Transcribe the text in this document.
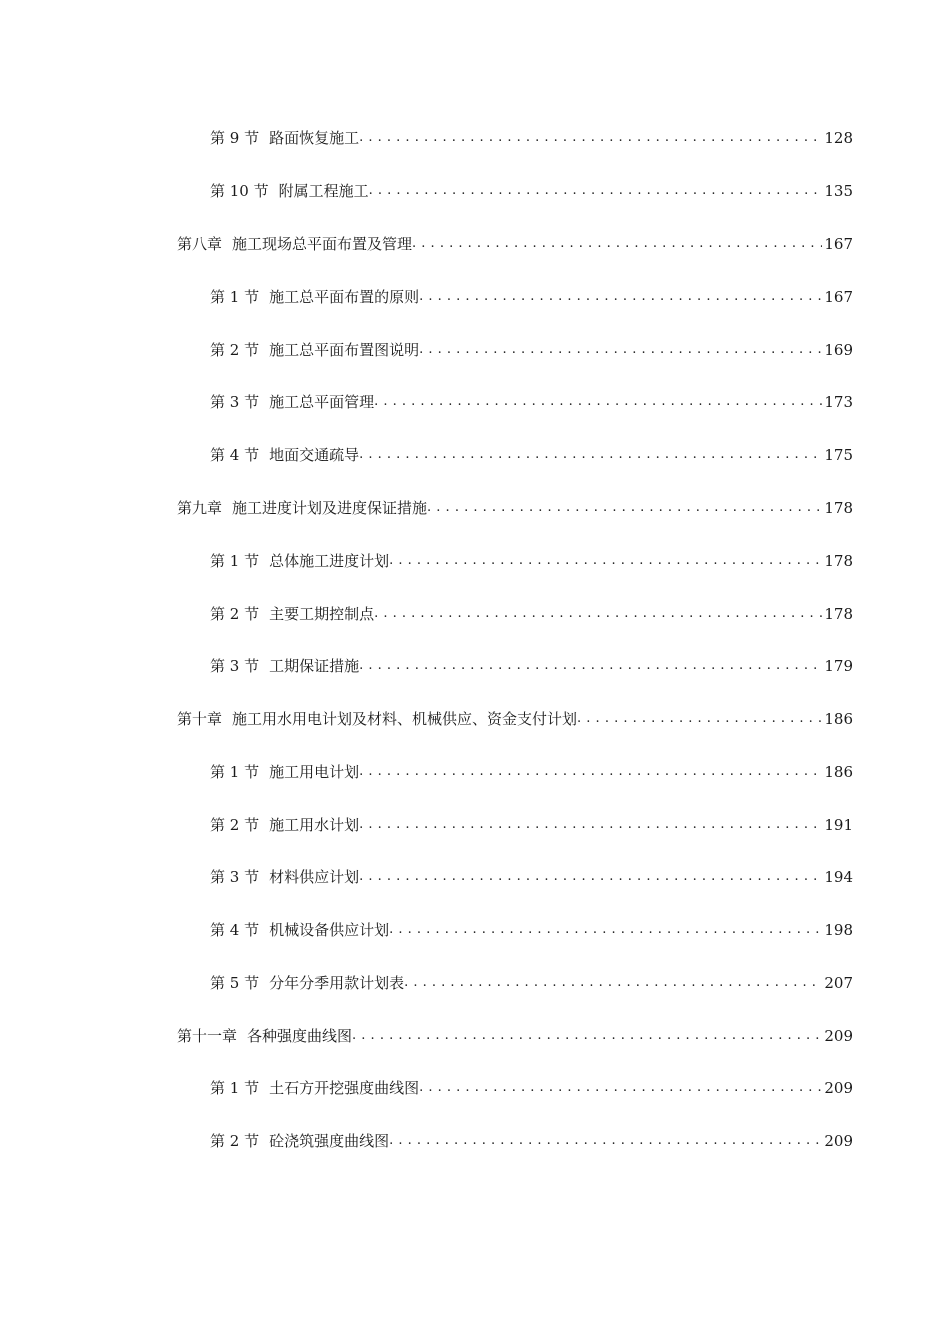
第 9 节 路面恢复施工 . . .	128
第 10 节 附属工程施工 . . .	135
第八章 施工现场总平面布置及管理 . . .	167
第 1 节 施工总平面布置的原则 . . .	167
第 2 节 施工总平面布置图说明 . . .	169
第 3 节 施工总平面管理 . . .	173
第 4 节 地面交通疏导 . . .	175
第九章 施工进度计划及进度保证措施 . . .	178
第 1 节 总体施工进度计划 . . .	178
第 2 节 主要工期控制点 . . .	178
第 3 节 工期保证措施 . . .	179
第十章 施工用水用电计划及材料、机械供应、资金支付计划 . . .	186
第 1 节 施工用电计划 . . .	186
第 2 节 施工用水计划 . . .	191
第 3 节 材料供应计划 . . .	194
第 4 节 机械设备供应计划 . . .	198
第 5 节 分年分季用款计划表 . . .	207
第十一章 各种强度曲线图 . . .	209
第 1 节 土石方开挖强度曲线图 . . .	209
第 2 节 砼浇筑强度曲线图 . . .	209
